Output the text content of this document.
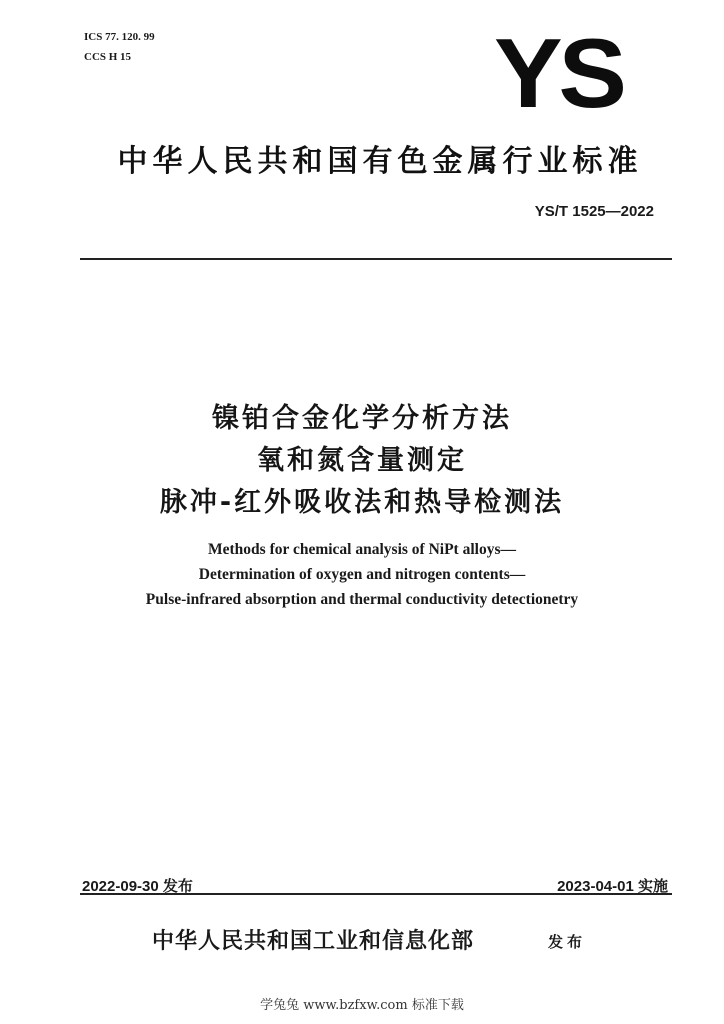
ICS 77. 120. 99
CCS H 15	YS
中华人民共和国有色金属行业标准
YS/T 1525—2022
镍铂合金化学分析方法
氧和氮含量测定
脉冲-红外吸收法和热导检测法
Methods for chemical analysis of NiPt alloys—
Determination of oxygen and nitrogen contents—
Pulse-infrared absorption and thermal conductivity detectionetry
2022-09-30 发布	2023-04-01 实施
中华人民共和国工业和信息化部	发布
学兔兔 www.bzfxw.com 标准下载
